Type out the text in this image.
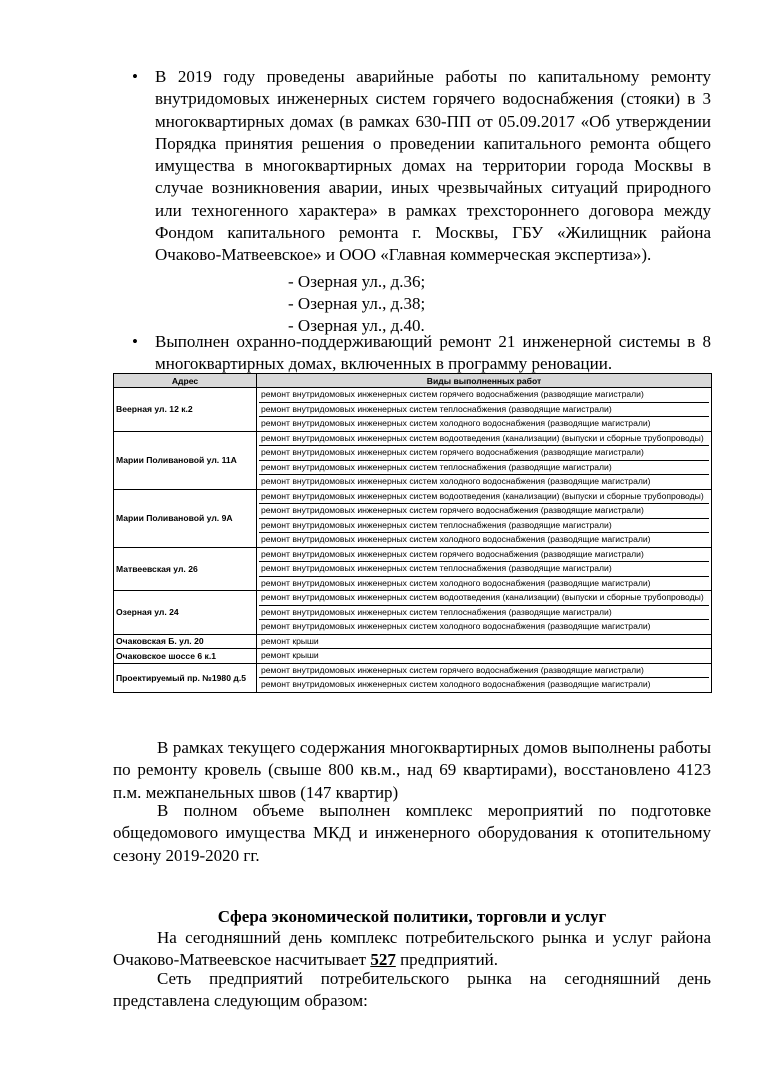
• В 2019 году проведены аварийные работы по капитальному ремонту внутридомовых инженерных систем горячего водоснабжения (стояки) в 3 многоквартирных домах (в рамках 630-ПП от 05.09.2017 «Об утверждении Порядка принятия решения о проведении капитального ремонта общего имущества в многоквартирных домах на территории города Москвы в случае возникновения аварии, иных чрезвычайных ситуаций природного или техногенного характера» в рамках трехстороннего договора между Фондом капитального ремонта г. Москвы, ГБУ «Жилищник района Очаково-Матвеевское» и ООО «Главная коммерческая экспертиза»).
- Озерная ул., д.36;
- Озерная ул., д.38;
- Озерная ул., д.40.
• Выполнен охранно-поддерживающий ремонт 21 инженерной системы в 8 многоквартирных домах, включенных в программу реновации.
Адрес	Виды выполненных работ
Веерная ул. 12 к.2	ремонт внутридомовых инженерных систем горячего водоснабжения (разводящие магистрали)
ремонт внутридомовых инженерных систем теплоснабжения (разводящие магистрали)
ремонт внутридомовых инженерных систем холодного водоснабжения (разводящие магистрали)

Марии Поливановой ул. 11А	ремонт внутридомовых инженерных систем водоотведения (канализации) (выпуски и сборные трубопроводы)
ремонт внутридомовых инженерных систем горячего водоснабжения (разводящие магистрали)
ремонт внутридомовых инженерных систем теплоснабжения (разводящие магистрали)
ремонт внутридомовых инженерных систем холодного водоснабжения (разводящие магистрали)

Марии Поливановой ул. 9А	ремонт внутридомовых инженерных систем водоотведения (канализации) (выпуски и сборные трубопроводы)
ремонт внутридомовых инженерных систем горячего водоснабжения (разводящие магистрали)
ремонт внутридомовых инженерных систем теплоснабжения (разводящие магистрали)
ремонт внутридомовых инженерных систем холодного водоснабжения (разводящие магистрали)

Матвеевская ул. 26	ремонт внутридомовых инженерных систем горячего водоснабжения (разводящие магистрали)
ремонт внутридомовых инженерных систем теплоснабжения (разводящие магистрали)
ремонт внутридомовых инженерных систем холодного водоснабжения (разводящие магистрали)

Озерная ул. 24	ремонт внутридомовых инженерных систем водоотведения (канализации) (выпуски и сборные трубопроводы)
ремонт внутридомовых инженерных систем теплоснабжения (разводящие магистрали)
ремонт внутридомовых инженерных систем холодного водоснабжения (разводящие магистрали)

Очаковская Б. ул. 20	ремонт крыши

Очаковское шоссе 6 к.1	ремонт крыши

Проектируемый пр. №1980 д.5	ремонт внутридомовых инженерных систем горячего водоснабжения (разводящие магистрали)
ремонт внутридомовых инженерных систем холодного водоснабжения (разводящие магистрали)
В рамках текущего содержания многоквартирных домов выполнены работы по ремонту кровель (свыше 800 кв.м., над 69 квартирами), восстановлено 4123 п.м. межпанельных швов (147 квартир)
В полном объеме выполнен комплекс мероприятий по подготовке общедомового имущества МКД и инженерного оборудования к отопительному сезону 2019-2020 гг.
Сфера экономической политики, торговли и услуг
На сегодняшний день комплекс потребительского рынка и услуг района Очаково-Матвеевское насчитывает 527 предприятий.
Сеть предприятий потребительского рынка на сегодняшний день представлена следующим образом:
